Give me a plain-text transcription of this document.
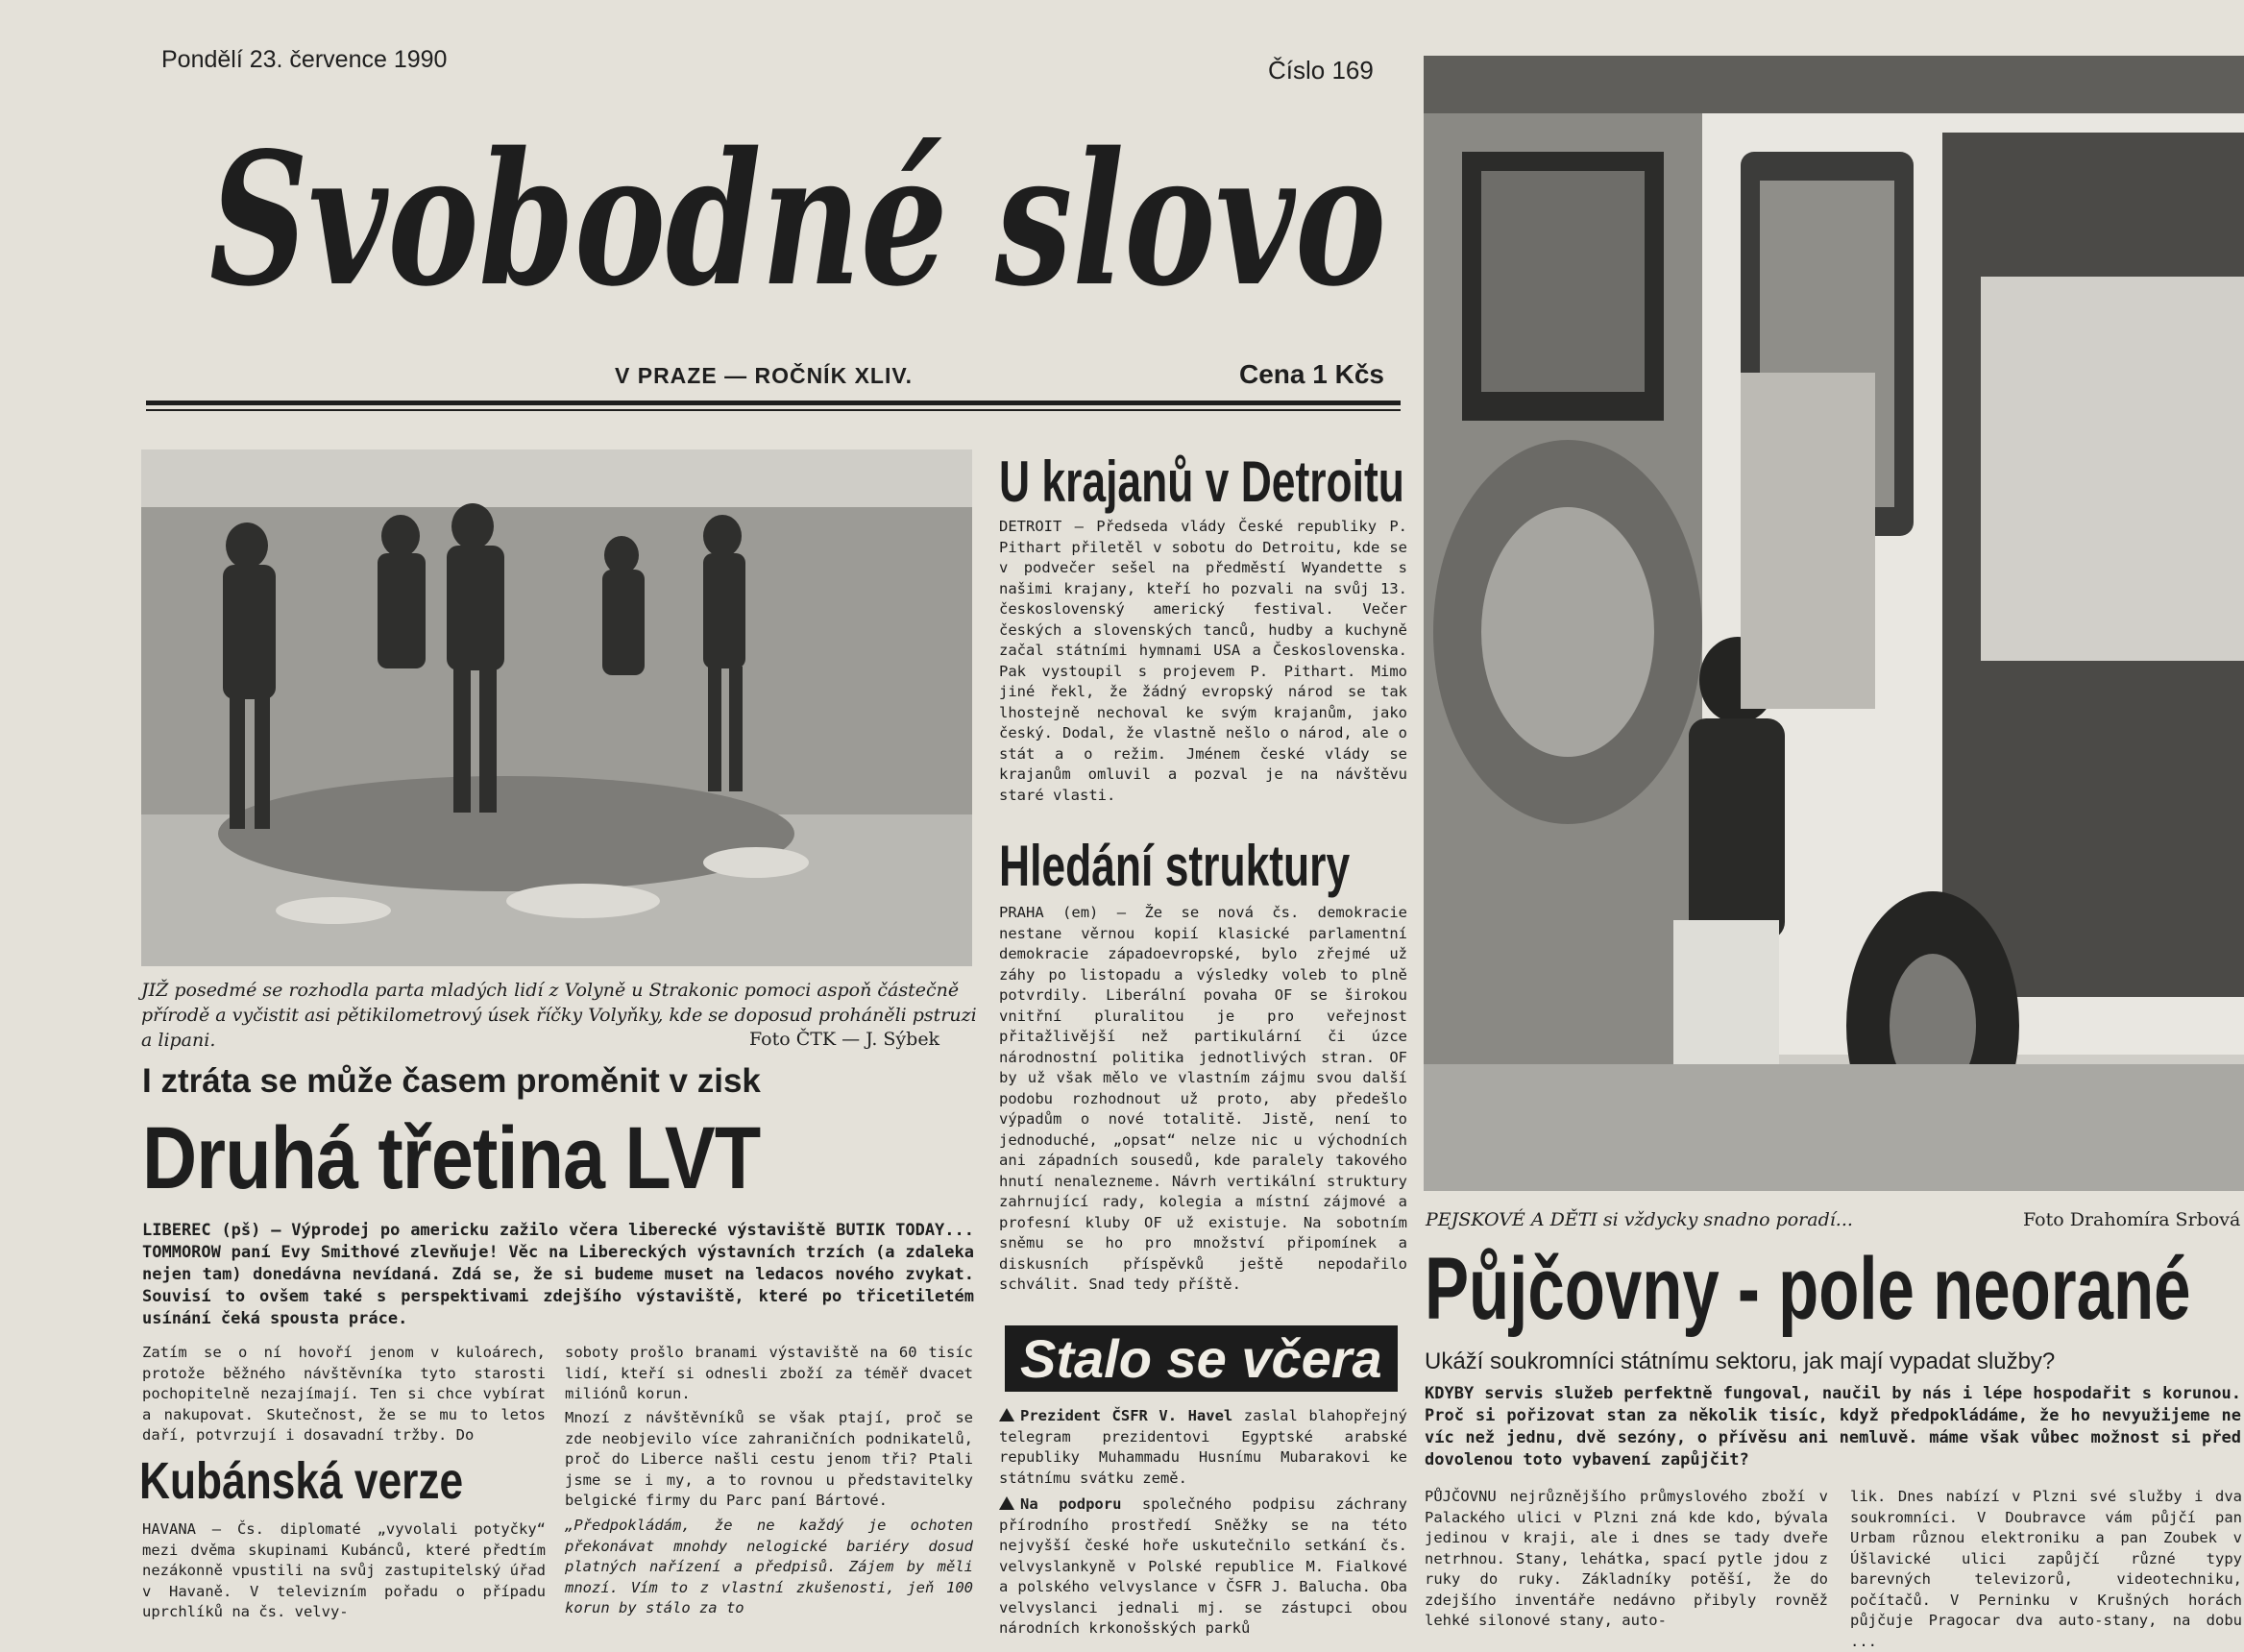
Pondělí 23. července 1990	Číslo 169
Svobodné slovo
V PRAZE — ROČNÍK XLIV.	Cena 1 Kčs
JIŽ posedmé se rozhodla parta mladých lidí z Volyně u Strakonic pomoci aspoň částečně přírodě a vyčistit asi pětikilometrový úsek říčky Volyňky, kde se doposud proháněli pstruzi a lipani.	Foto ČTK — J. Sýbek
I ztráta se může časem proměnit v zisk
Druhá třetina LVT
LIBEREC (pš) — Výprodej po americku zažilo včera liberecké výstaviště BUTIK TODAY... TOMMOROW paní Evy Smithové zlevňuje! Věc na Libereckých výstavních trzích (a zdaleka nejen tam) donedávna nevídaná. Zdá se, že si budeme muset na ledacos nového zvykat. Souvisí to ovšem také s perspektivami zdejšího výstaviště, které po třicetiletém usínání čeká spousta práce.
Zatím se o ní hovoří jenom v kuloárech, protože běžného návštěvníka tyto starosti pochopitelně nezajímají. Ten si chce vybírat a nakupovat. Skutečnost, že se mu to letos daří, potvrzují i dosavadní tržby. Do
soboty prošlo branami výstaviště na 60 tisíc lidí, kteří si odnesli zboží za téměř dvacet miliónů korun.
Mnozí z návštěvníků se však ptají, proč se zde neobjevilo více zahraničních podnikatelů, proč do Liberce našli cestu jenom tři? Ptali jsme se i my, a to rovnou u představitelky belgické firmy du Parc paní Bártové.
„Předpokládám, že ne každý je ochoten překonávat mnohdy nelogické bariéry dosud platných nařízení a předpisů. Zájem by měli mnozí. Vím to z vlastní zkušenosti, jeň 100 korun by stálo za to
Kubánská verze
HAVANA — Čs. diplomaté „vyvolali potyčky“ mezi dvěma skupinami Kubánců, které předtím nezákonně vpustili na svůj zastupitelský úřad v Havaně. V televizním pořadu o případu uprchlíků na čs. velvy-
U krajanů v Detroitu
DETROIT — Předseda vlády České republiky P. Pithart přiletěl v sobotu do Detroitu, kde se v podvečer sešel na předměstí Wyandette s našimi krajany, kteří ho pozvali na svůj 13. československý americký festival. Večer českých a slovenských tanců, hudby a kuchyně začal státními hymnami USA a Československa. Pak vystoupil s projevem P. Pithart. Mimo jiné řekl, že žádný evropský národ se tak lhostejně nechoval ke svým krajanům, jako český. Dodal, že vlastně nešlo o národ, ale o stát a o režim. Jménem české vlády se krajanům omluvil a pozval je na návštěvu staré vlasti.
Hledání struktury
PRAHA (em) — Že se nová čs. demokracie nestane věrnou kopií klasické parlamentní demokracie západoevropské, bylo zřejmé už záhy po listopadu a výsledky voleb to plně potvrdily. Liberální povaha OF se širokou vnitřní pluralitou je pro veřejnost přitažlivější než partikulární či úzce národnostní politika jednotlivých stran. OF by už však mělo ve vlastním zájmu svou další podobu rozhodnout už proto, aby předešlo výpadům o nové totalitě. Jistě, není to jednoduché, „opsat“ nelze nic u východních ani západních sousedů, kde paralely takového hnutí nenalezneme. Návrh vertikální struktury zahrnující rady, kolegia a místní zájmové a profesní kluby OF už existuje. Na sobotním sněmu se ho pro množství připomínek a diskusních příspěvků ještě nepodařilo schválit. Snad tedy příště.
Stalo se včera
Prezident ČSFR V. Havel zaslal blahopřejný telegram prezidentovi Egyptské arabské republiky Muhammadu Husnímu Mubarakovi ke státnímu svátku země.
Na podporu společného podpisu záchrany přírodního prostředí Sněžky se na této nejvyšší české hoře uskutečnilo setkání čs. velvyslankyně v Polské republice M. Fialkové a polského velvyslance v ČSFR J. Balucha. Oba velvyslanci jednali mj. se zástupci obou národních krkonošských parků
PEJSKOVÉ A DĚTI si vždycky snadno poradí...	Foto Drahomíra Srbová
Půjčovny - pole neorané
Ukáží soukromníci státnímu sektoru, jak mají vypadat služby?
KDYBY servis služeb perfektně fungoval, naučil by nás i lépe hospodařit s korunou. Proč si pořizovat stan za několik tisíc, když předpokládáme, že ho nevyužijeme ne víc než jednu, dvě sezóny, o přívěsu ani nemluvě. máme však vůbec možnost si před dovolenou toto vybavení zapůjčit?
PŮJČOVNU nejrůznějšího průmyslového zboží v Palackého ulici v Plzni zná kde kdo, bývala jedinou v kraji, ale i dnes se tady dveře netrhnou. Stany, lehátka, spací pytle jdou z ruky do ruky. Základníky potěší, že do zdejšího inventáře nedávno přibyly rovněž lehké silonové stany, auto-
lik. Dnes nabízí v Plzni své služby i dva soukromníci. V Doubravce vám půjčí pan Urbam různou elektroniku a pan Zoubek v Úšlavické ulici zapůjčí různé typy barevných televizorů, videotechniku, počítačů. V Perninku v Krušných horách půjčuje Pragocar dva auto-stany, na dobu ...
